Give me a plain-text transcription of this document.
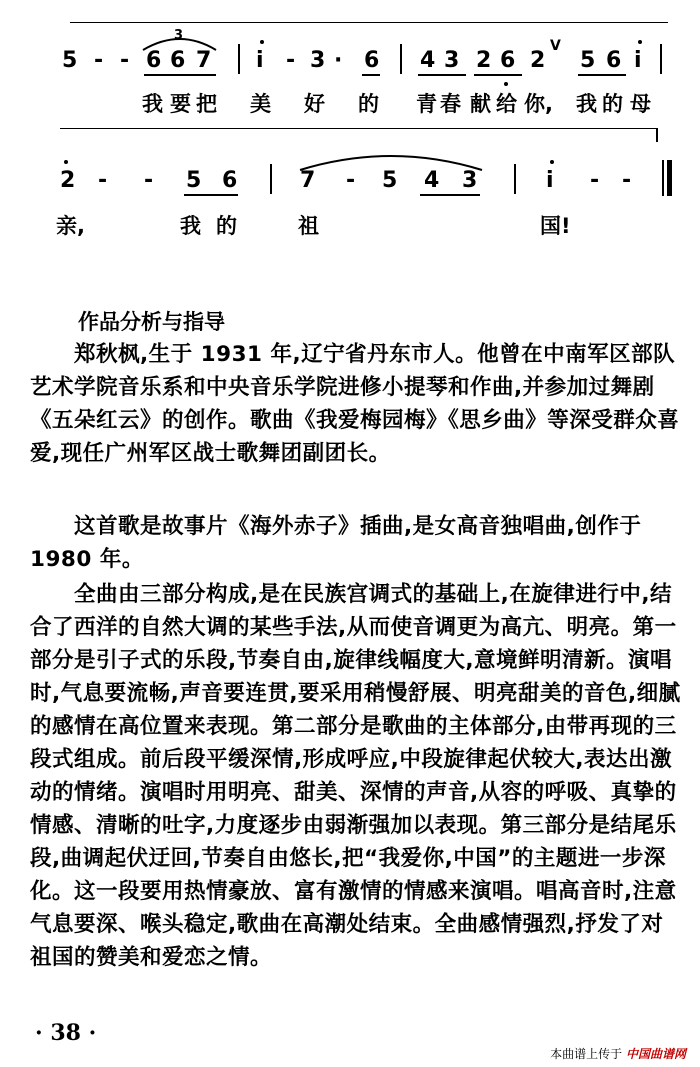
5 - - 6 6 7
3
i - 3 · 6 4 3 2 6 2
V
5 6 i
我 要 把 美 好 的 青 春 献 给 你, 我 的 母
2 - - 5 6	7 - 5 4 3	i - -
亲,	我 的	祖	国!
作品分析与指导

郑秋枫,生于 1931 年,辽宁省丹东市人。他曾在中南军区部队艺术学院音乐系和中央音乐学院进修小提琴和作曲,并参加过舞剧《五朵红云》的创作。歌曲《我爱梅园梅》《思乡曲》等深受群众喜爱,现任广州军区战士歌舞团副团长。

这首歌是故事片《海外赤子》插曲,是女高音独唱曲,创作于 1980 年。

全曲由三部分构成,是在民族宫调式的基础上,在旋律进行中,结合了西洋的自然大调的某些手法,从而使音调更为高亢、明亮。第一部分是引子式的乐段,节奏自由,旋律线幅度大,意境鲜明清新。演唱时,气息要流畅,声音要连贯,要采用稍慢舒展、明亮甜美的音色,细腻的感情在高位置来表现。第二部分是歌曲的主体部分,由带再现的三段式组成。前后段平缓深情,形成呼应,中段旋律起伏较大,表达出激动的情绪。演唱时用明亮、甜美、深情的声音,从容的呼吸、真挚的情感、清晰的吐字,力度逐步由弱渐强加以表现。第三部分是结尾乐段,曲调起伏迂回,节奏自由悠长,把“我爱你,中国”的主题进一步深化。这一段要用热情豪放、富有激情的情感来演唱。唱高音时,注意气息要深、喉头稳定,歌曲在高潮处结束。全曲感情强烈,抒发了对祖国的赞美和爱恋之情。

· 38 ·
本曲谱上传于 中国曲谱网
